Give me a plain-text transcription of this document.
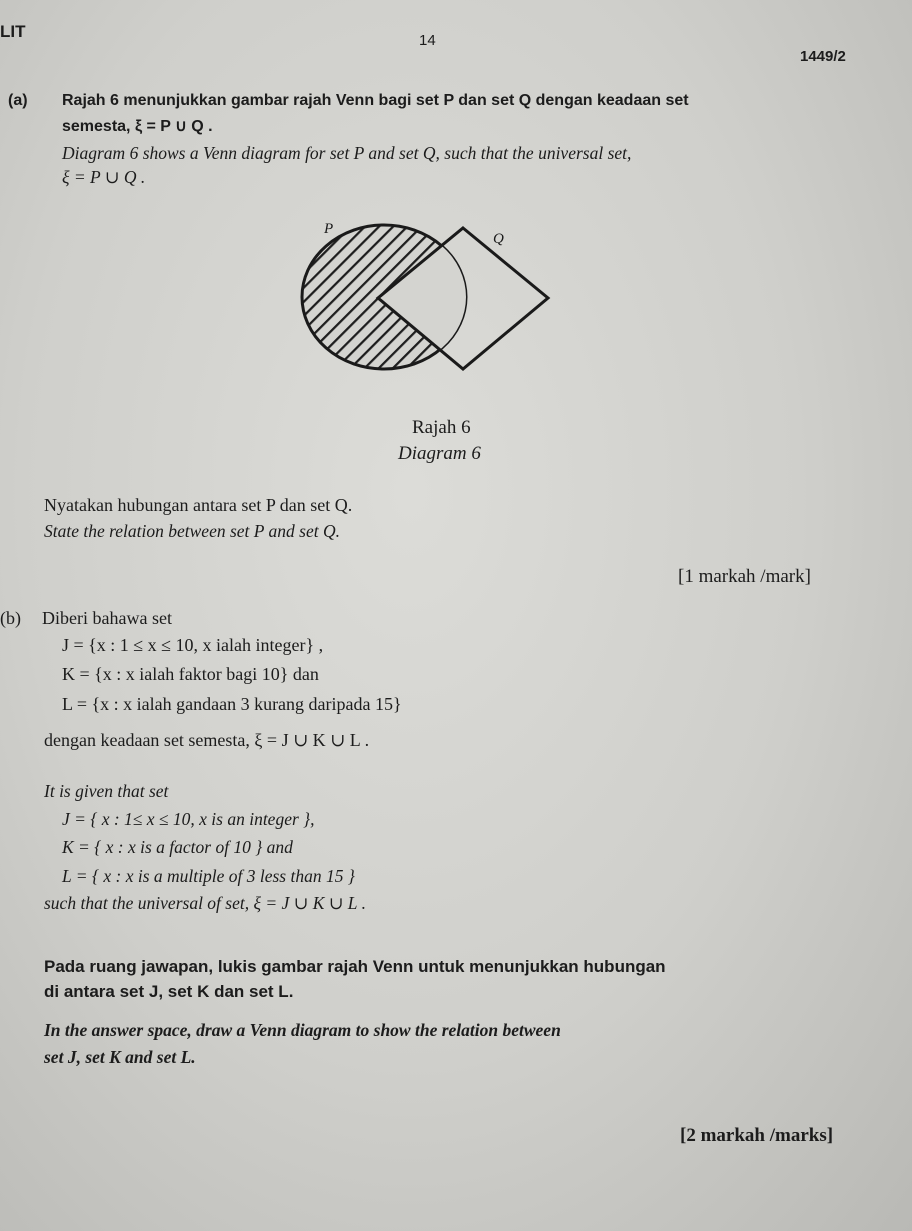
LIT	14
1449/2
(a) Rajah 6 menunjukkan gambar rajah Venn bagi set P dan set Q dengan keadaan set
semesta, ξ = P ∪ Q .
Diagram 6 shows a Venn diagram for set P and set Q, such that the universal set,
ξ = P ∪ Q .
P
Q
Rajah 6
Diagram 6
Nyatakan hubungan antara set P dan set Q.
State the relation between set P and set Q.
[1 markah /mark]
(b) Diberi bahawa set
J = {x : 1 ≤ x ≤ 10, x ialah integer} ,
K = {x : x ialah faktor bagi 10} dan
L = {x : x ialah gandaan 3 kurang daripada 15}
dengan keadaan set semesta, ξ = J ∪ K ∪ L .
It is given that set
J = { x : 1≤ x ≤ 10, x is an integer },
K = { x : x is a factor of 10 } and
L = { x : x is a multiple of 3 less than 15 }
such that the universal of set, ξ = J ∪ K ∪ L .
Pada ruang jawapan, lukis gambar rajah Venn untuk menunjukkan hubungan
di antara set J, set K dan set L.
In the answer space, draw a Venn diagram to show the relation between
set J, set K and set L.
[2 markah /marks]
